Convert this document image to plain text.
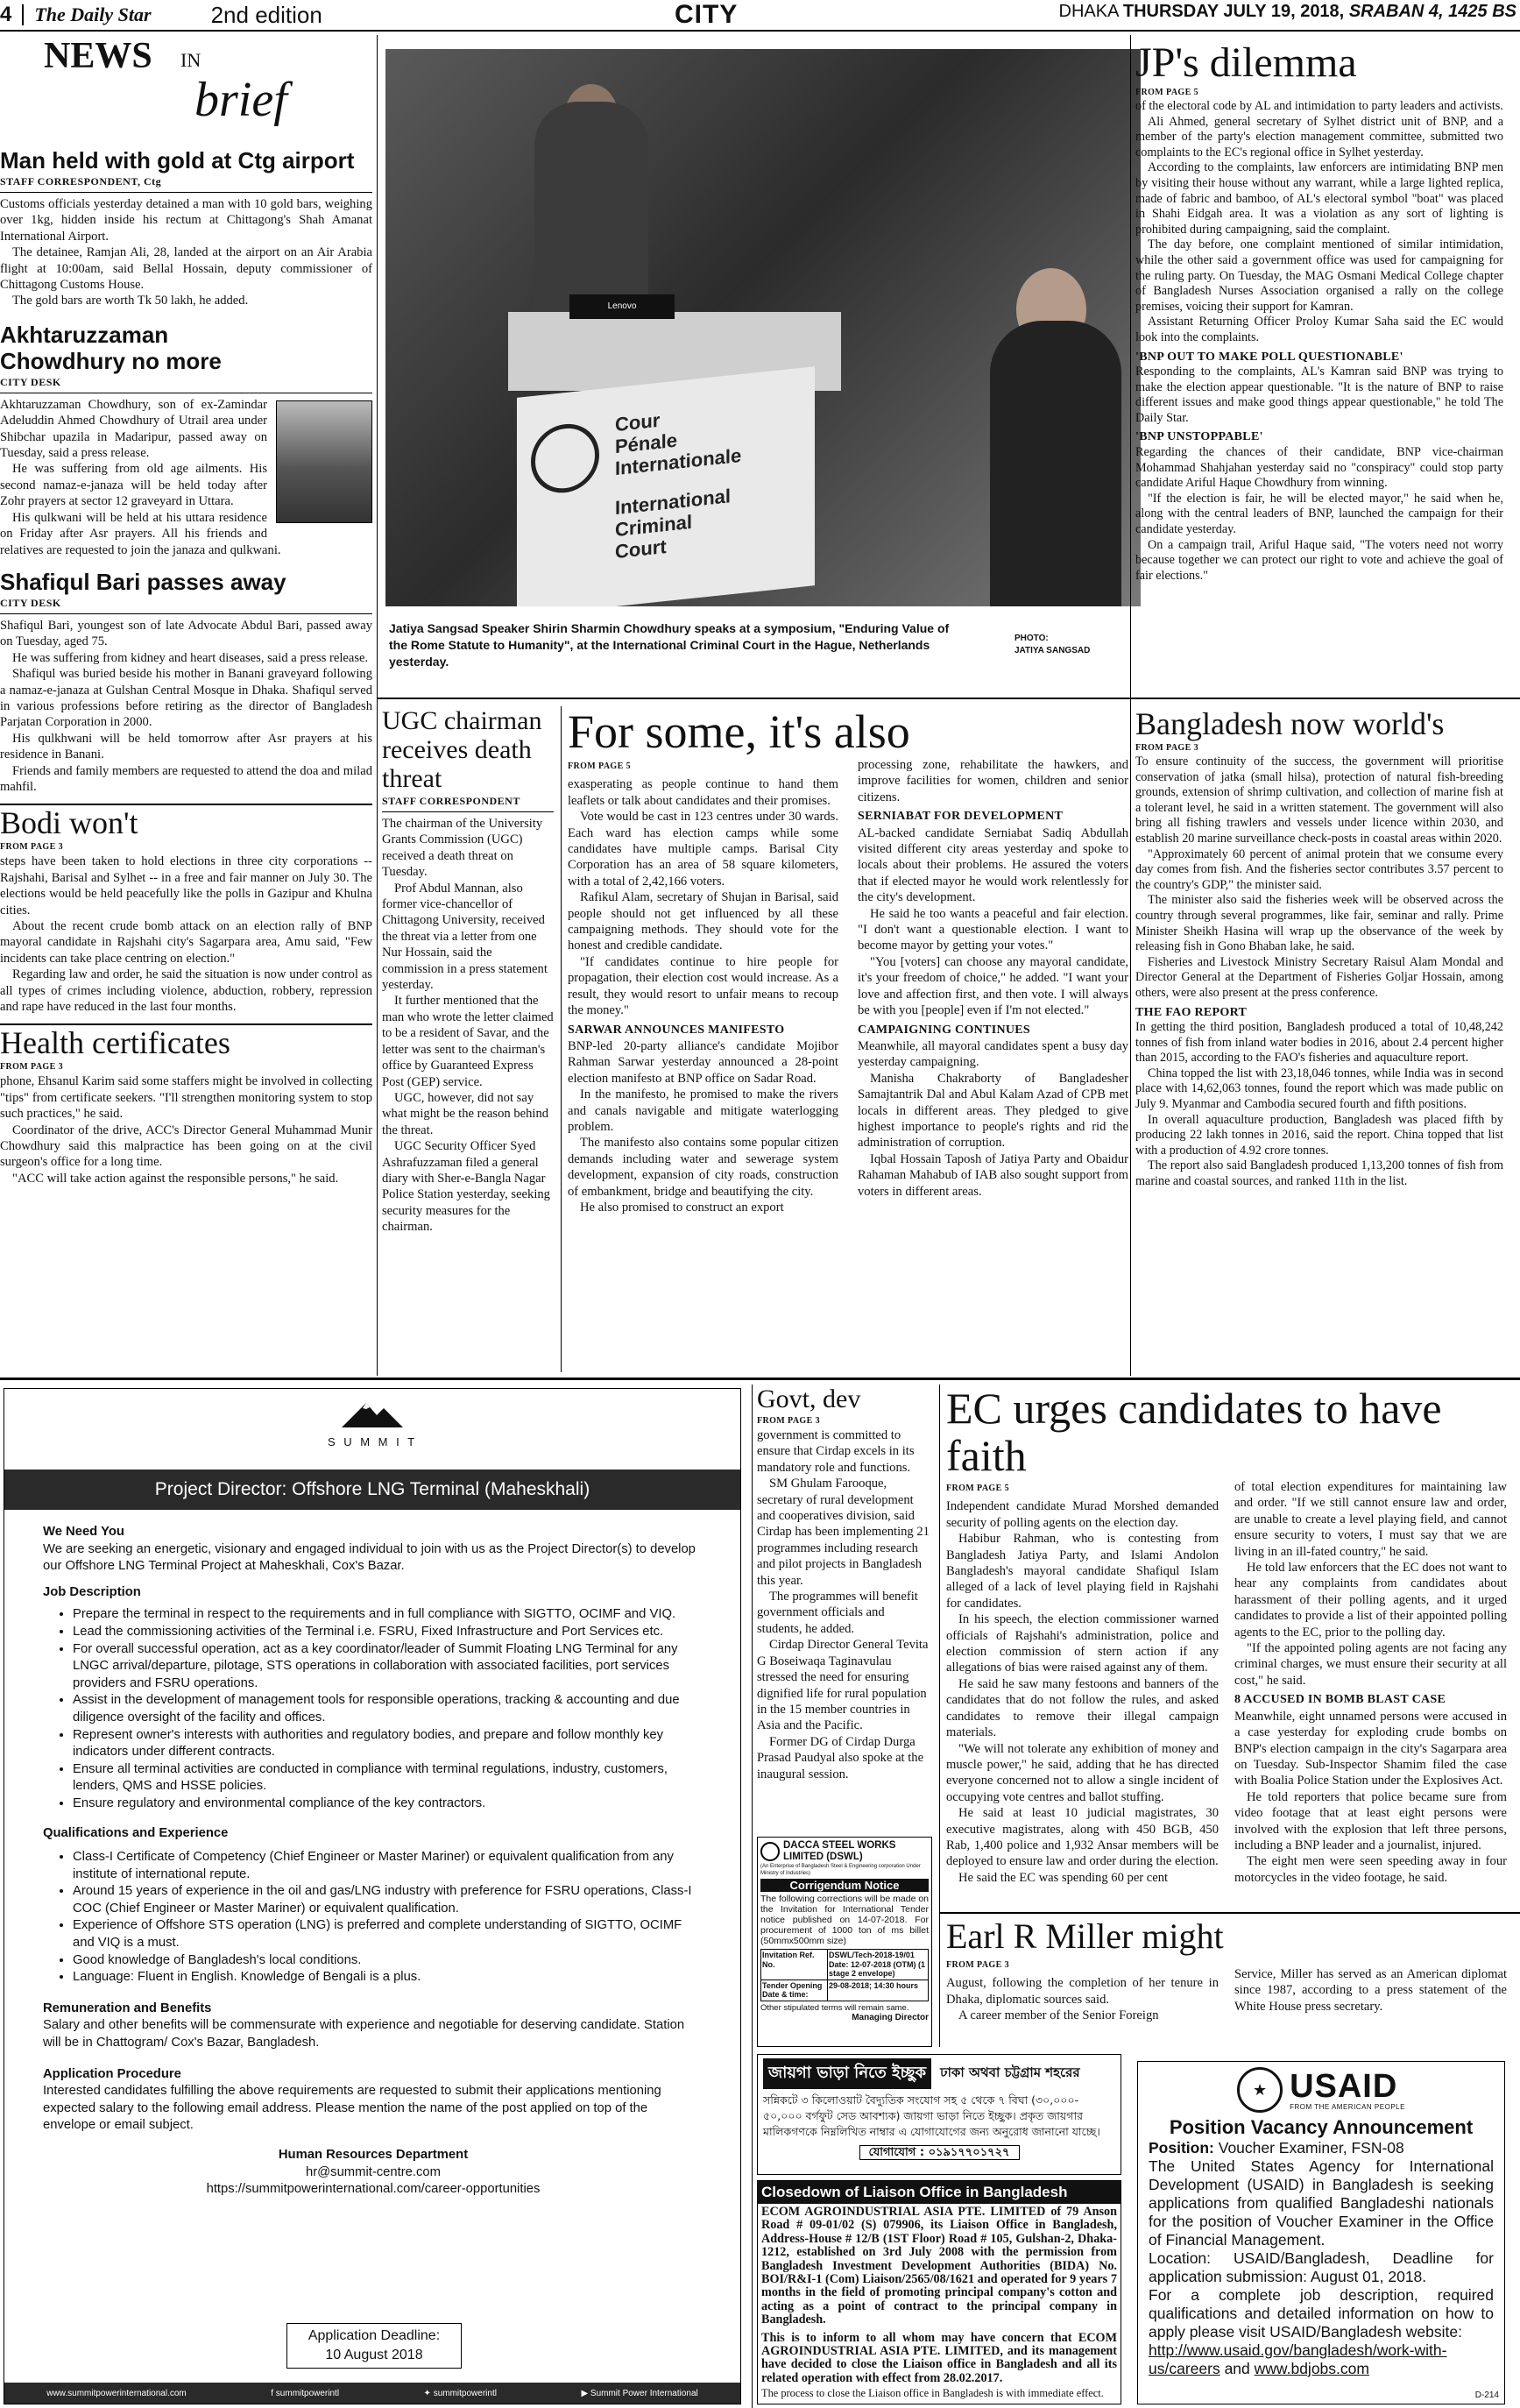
4 The Daily Star	2nd edition	CITY	DHAKA THURSDAY JULY 19, 2018, SRABAN 4, 1425 BS
NEWS IN
brief
Man held with gold at Ctg airport
STAFF CORRESPONDENT, Ctg

Customs officials yesterday detained a man with 10 gold bars, weighing over 1kg, hidden inside his rectum at Chittagong's Shah Amanat International Airport.

The detainee, Ramjan Ali, 28, landed at the airport on an Air Arabia flight at 10:00am, said Bellal Hossain, deputy commissioner of Chittagong Customs House.

The gold bars are worth Tk 50 lakh, he added.

Akhtaruzzaman Chowdhury no more
CITY DESK

Akhtaruzzaman Chowdhury, son of ex-Zamindar Adeluddin Ahmed Chowdhury of Utrail area under Shibchar upazila in Madaripur, passed away on Tuesday, said a press release.

He was suffering from old age ailments. His second namaz-e-janaza will be held today after Zohr prayers at sector 12 graveyard in Uttara.

His qulkwani will be held at his uttara residence on Friday after Asr prayers. All his friends and relatives are requested to join the janaza and qulkwani.

Shafiqul Bari passes away
CITY DESK

Shafiqul Bari, youngest son of late Advocate Abdul Bari, passed away on Tuesday, aged 75.

He was suffering from kidney and heart diseases, said a press release.

Shafiqul was buried beside his mother in Banani graveyard following a namaz-e-janaza at Gulshan Central Mosque in Dhaka. Shafiqul served in various professions before retiring as the director of Bangladesh Parjatan Corporation in 2000.

His qulkhwani will be held tomorrow after Asr prayers at his residence in Banani.

Friends and family members are requested to attend the doa and milad mahfil.

Bodi won't
FROM PAGE 3

steps have been taken to hold elections in three city corporations -- Rajshahi, Barisal and Sylhet -- in a free and fair manner on July 30. The elections would be held peacefully like the polls in Gazipur and Khulna cities.

About the recent crude bomb attack on an election rally of BNP mayoral candidate in Rajshahi city's Sagarpara area, Amu said, "Few incidents can take place centring on election."

Regarding law and order, he said the situation is now under control as all types of crimes including violence, abduction, robbery, repression and rape have reduced in the last four months.

Health certificates
FROM PAGE 3

phone, Ehsanul Karim said some staffers might be involved in collecting "tips" from certificate seekers. "I'll strengthen monitoring system to stop such practices," he said.

Coordinator of the drive, ACC's Director General Muhammad Munir Chowdhury said this malpractice has been going on at the civil surgeon's office for a long time.

"ACC will take action against the responsible persons," he said.

Lenovo
Cour
Pénale
Internationale
International
Criminal
Court
Jatiya Sangsad Speaker Shirin Sharmin Chowdhury speaks at a symposium, "Enduring Value of the Rome Statute to Humanity", at the International Criminal Court in the Hague, Netherlands yesterday.
PHOTO:
JATIYA SANGSAD
JP's dilemma
FROM PAGE 5

of the electoral code by AL and intimidation to party leaders and activists.

Ali Ahmed, general secretary of Sylhet district unit of BNP, and a member of the party's election management committee, submitted two complaints to the EC's regional office in Sylhet yesterday.

According to the complaints, law enforcers are intimidating BNP men by visiting their house without any warrant, while a large lighted replica, made of fabric and bamboo, of AL's electoral symbol "boat" was placed in Shahi Eidgah area. It was a violation as any sort of lighting is prohibited during campaigning, said the complaint.

The day before, one complaint mentioned of similar intimidation, while the other said a government office was used for campaigning for the ruling party. On Tuesday, the MAG Osmani Medical College chapter of Bangladesh Nurses Association organised a rally on the college premises, voicing their support for Kamran.

Assistant Returning Officer Proloy Kumar Saha said the EC would look into the complaints.

'BNP OUT TO MAKE POLL QUESTIONABLE'

Responding to the complaints, AL's Kamran said BNP was trying to make the election appear questionable. "It is the nature of BNP to raise different issues and make good things appear questionable," he told The Daily Star.

'BNP UNSTOPPABLE'

Regarding the chances of their candidate, BNP vice-chairman Mohammad Shahjahan yesterday said no "conspiracy" could stop party candidate Ariful Haque Chowdhury from winning.

"If the election is fair, he will be elected mayor," he said when he, along with the central leaders of BNP, launched the campaign for their candidate yesterday.

On a campaign trail, Ariful Haque said, "The voters need not worry because together we can protect our right to vote and achieve the goal of fair elections."

UGC chairman receives death threat
STAFF CORRESPONDENT

The chairman of the University Grants Commission (UGC) received a death threat on Tuesday.

Prof Abdul Mannan, also former vice-chancellor of Chittagong University, received the threat via a letter from one Nur Hossain, said the commission in a press statement yesterday.

It further mentioned that the man who wrote the letter claimed to be a resident of Savar, and the letter was sent to the chairman's office by Guaranteed Express Post (GEP) service.

UGC, however, did not say what might be the reason behind the threat.

UGC Security Officer Syed Ashrafuzzaman filed a general diary with Sher-e-Bangla Nagar Police Station yesterday, seeking security measures for the chairman.

For some, it's also
FROM PAGE 5

exasperating as people continue to hand them leaflets or talk about candidates and their promises.

Vote would be cast in 123 centres under 30 wards. Each ward has election camps while some candidates have multiple camps. Barisal City Corporation has an area of 58 square kilometers, with a total of 2,42,166 voters.

Rafikul Alam, secretary of Shujan in Barisal, said people should not get influenced by all these campaigning methods. They should vote for the honest and credible candidate.

"If candidates continue to hire people for propagation, their election cost would increase. As a result, they would resort to unfair means to recoup the money."

SARWAR ANNOUNCES MANIFESTO

BNP-led 20-party alliance's candidate Mojibor Rahman Sarwar yesterday announced a 28-point election manifesto at BNP office on Sadar Road.

In the manifesto, he promised to make the rivers and canals navigable and mitigate waterlogging problem.

The manifesto also contains some popular citizen demands including water and sewerage system development, expansion of city roads, construction of embankment, bridge and beautifying the city.

He also promised to construct an export

processing zone, rehabilitate the hawkers, and improve facilities for women, children and senior citizens.

SERNIABAT FOR DEVELOPMENT

AL-backed candidate Serniabat Sadiq Abdullah visited different city areas yesterday and spoke to locals about their problems. He assured the voters that if elected mayor he would work relentlessly for the city's development.

He said he too wants a peaceful and fair election. "I don't want a questionable election. I want to become mayor by getting your votes."

"You [voters] can choose any mayoral candidate, it's your freedom of choice," he added. "I want your love and affection first, and then vote. I will always be with you [people] even if I'm not elected."

CAMPAIGNING CONTINUES

Meanwhile, all mayoral candidates spent a busy day yesterday campaigning.

Manisha Chakraborty of Bangladesher Samajtantrik Dal and Abul Kalam Azad of CPB met locals in different areas. They pledged to give highest importance to people's rights and rid the administration of corruption.

Iqbal Hossain Taposh of Jatiya Party and Obaidur Rahaman Mahabub of IAB also sought support from voters in different areas.

Bangladesh now world's
FROM PAGE 3

To ensure continuity of the success, the government will prioritise conservation of jatka (small hilsa), protection of natural fish-breeding grounds, extension of shrimp cultivation, and collection of marine fish at a tolerant level, he said in a written statement. The government will also bring all fishing trawlers and vessels under licence within 2030, and establish 20 marine surveillance check-posts in coastal areas within 2020.

"Approximately 60 percent of animal protein that we consume every day comes from fish. And the fisheries sector contributes 3.57 percent to the country's GDP," the minister said.

The minister also said the fisheries week will be observed across the country through several programmes, like fair, seminar and rally. Prime Minister Sheikh Hasina will wrap up the observance of the week by releasing fish in Gono Bhaban lake, he said.

Fisheries and Livestock Ministry Secretary Raisul Alam Mondal and Director General at the Department of Fisheries Goljar Hossain, among others, were also present at the press conference.

THE FAO REPORT

In getting the third position, Bangladesh produced a total of 10,48,242 tonnes of fish from inland water bodies in 2016, about 2.4 percent higher than 2015, according to the FAO's fisheries and aquaculture report.

China topped the list with 23,18,046 tonnes, while India was in second place with 14,62,063 tonnes, found the report which was made public on July 9. Myanmar and Cambodia secured fourth and fifth positions.

In overall aquaculture production, Bangladesh was placed fifth by producing 22 lakh tonnes in 2016, said the report. China topped that list with a production of 4.92 crore tonnes.

The report also said Bangladesh produced 1,13,200 tonnes of fish from marine and coastal sources, and ranked 11th in the list.

S U M M I T
Project Director: Offshore LNG Terminal (Maheskhali)
We Need You

We are seeking an energetic, visionary and engaged individual to join with us as the Project Director(s) to develop our Offshore LNG Terminal Project at Maheskhali, Cox's Bazar.

Job Description
• Prepare the terminal in respect to the requirements and in full compliance with SIGTTO, OCIMF and VIQ.
• Lead the commissioning activities of the Terminal i.e. FSRU, Fixed Infrastructure and Port Services etc.
• For overall successful operation, act as a key coordinator/leader of Summit Floating LNG Terminal for any LNGC arrival/departure, pilotage, STS operations in collaboration with associated facilities, port services providers and FSRU operations.
• Assist in the development of management tools for responsible operations, tracking & accounting and due diligence oversight of the facility and offices.
• Represent owner's interests with authorities and regulatory bodies, and prepare and follow monthly key indicators under different contracts.
• Ensure all terminal activities are conducted in compliance with terminal regulations, industry, customers, lenders, QMS and HSSE policies.
• Ensure regulatory and environmental compliance of the key contractors.
Qualifications and Experience
• Class-I Certificate of Competency (Chief Engineer or Master Mariner) or equivalent qualification from any institute of international repute.
• Around 15 years of experience in the oil and gas/LNG industry with preference for FSRU operations, Class-I COC (Chief Engineer or Master Mariner) or equivalent qualification.
• Experience of Offshore STS operation (LNG) is preferred and complete understanding of SIGTTO, OCIMF and VIQ is a must.
• Good knowledge of Bangladesh's local conditions.
• Language: Fluent in English. Knowledge of Bengali is a plus.
Remuneration and Benefits

Salary and other benefits will be commensurate with experience and negotiable for deserving candidate. Station will be in Chattogram/ Cox's Bazar, Bangladesh.

Application Procedure

Interested candidates fulfilling the above requirements are requested to submit their applications mentioning expected salary to the following email address. Please mention the name of the post applied on top of the envelope or email subject.

Human Resources Department
hr@summit-centre.com
https://summitpowerinternational.com/career-opportunities
Application Deadline:
10 August 2018
www.summitpowerinternational.com	f summitpowerintl	✦ summitpowerintl	▶ Summit Power International
Govt, dev
FROM PAGE 3

government is committed to ensure that Cirdap excels in its mandatory role and functions.

SM Ghulam Farooque, secretary of rural development and cooperatives division, said Cirdap has been implementing 21 programmes including research and pilot projects in Bangladesh this year.

The programmes will benefit government officials and students, he added.

Cirdap Director General Tevita G Boseiwaqa Taginavulau stressed the need for ensuring dignified life for rural population in the 15 member countries in Asia and the Pacific.

Former DG of Cirdap Durga Prasad Paudyal also spoke at the inaugural session.

DACCA STEEL WORKS LIMITED (DSWL)
(An Enterprise of Bangladesh Steel & Engineering corporation Under Ministry of Industries)
Corrigendum Notice
The following corrections will be made on the Invitation for International Tender notice published on 14-07-2018. For procurement of 1000 ton of ms billet (50mmx500mm size)
Invitation Ref. No.
DSWL/Tech-2018-19/01 Date: 12-07-2018 (OTM) (1 stage 2 envelope)
Tender Opening Date & time:
29-08-2018; 14:30 hours
Other stipulated terms will remain same.
Managing Director
জায়গা ভাড়া নিতে ইচ্ছুক	ঢাকা অথবা চট্টগ্রাম শহরের
সন্নিকটে ৩ কিলোওয়াট বৈদ্যুতিক সংযোগ সহ ৫ থেকে ৭ বিঘা (৩০,০০০-
৫০,০০০ বর্গফুট সেড আবশ্যক) জায়গা ভাড়া নিতে ইচ্ছুক। প্রকৃত জায়গার
মালিকগণকে নিম্নলিখিত নাম্বার এ যোগাযোগের জন্য অনুরোধ জানানো যাচ্ছে।
যোগাযোগ : ০১৯১৭৭০১৭২৭
Closedown of Liaison Office in Bangladesh

ECOM AGROINDUSTRIAL ASIA PTE. LIMITED of 79 Anson Road # 09-01/02 (S) 079906, its Liaison Office in Bangladesh, Address-House # 12/B (1ST Floor) Road # 105, Gulshan-2, Dhaka-1212, established on 3rd July 2008 with the permission from Bangladesh Investment Development Authorities (BIDA) No. BOI/R&I-1 (Com) Liaison/2565/08/1621 and operated for 9 years 7 months in the field of promoting principal company's cotton and acting as a point of contract to the principal company in Bangladesh.

This is to inform to all whom may have concern that ECOM AGROINDUSTRIAL ASIA PTE. LIMITED, and its management have decided to close the Liaison office in Bangladesh and all its related operation with effect from 28.02.2017.

The process to close the Liaison office in Bangladesh is with immediate effect.

EC urges candidates to have faith
FROM PAGE 5

Independent candidate Murad Morshed demanded security of polling agents on the election day.

Habibur Rahman, who is contesting from Bangladesh Jatiya Party, and Islami Andolon Bangladesh's mayoral candidate Shafiqul Islam alleged of a lack of level playing field in Rajshahi for candidates.

In his speech, the election commissioner warned officials of Rajshahi's administration, police and election commission of stern action if any allegations of bias were raised against any of them.

He said he saw many festoons and banners of the candidates that do not follow the rules, and asked candidates to remove their illegal campaign materials.

"We will not tolerate any exhibition of money and muscle power," he said, adding that he has directed everyone concerned not to allow a single incident of occupying vote centres and ballot stuffing.

He said at least 10 judicial magistrates, 30 executive magistrates, along with 450 BGB, 450 Rab, 1,400 police and 1,932 Ansar members will be deployed to ensure law and order during the election.

He said the EC was spending 60 per cent

of total election expenditures for maintaining law and order. "If we still cannot ensure law and order, are unable to create a level playing field, and cannot ensure security to voters, I must say that we are living in an ill-fated country," he said.

He told law enforcers that the EC does not want to hear any complaints from candidates about harassment of their polling agents, and it urged candidates to provide a list of their appointed polling agents to the EC, prior to the polling day.

"If the appointed poling agents are not facing any criminal charges, we must ensure their security at all cost," he said.

8 ACCUSED IN BOMB BLAST CASE

Meanwhile, eight unnamed persons were accused in a case yesterday for exploding crude bombs on BNP's election campaign in the city's Sagarpara area on Tuesday. Sub-Inspector Shamim filed the case with Boalia Police Station under the Explosives Act.

He told reporters that police became sure from video footage that at least eight persons were involved with the explosion that left three persons, including a BNP leader and a journalist, injured.

The eight men were seen speeding away in four motorcycles in the video footage, he said.

Earl R Miller might
FROM PAGE 3

August, following the completion of her tenure in Dhaka, diplomatic sources said.

A career member of the Senior Foreign

Service, Miller has served as an American diplomat since 1987, according to a press statement of the White House press secretary.

★ USAID
FROM THE AMERICAN PEOPLE
Position Vacancy Announcement
Position: Voucher Examiner, FSN-08

The United States Agency for International Development (USAID) in Bangladesh is seeking applications from qualified Bangladeshi nationals for the position of Voucher Examiner in the Office of Financial Management.

Location: USAID/Bangladesh, Deadline for application submission: August 01, 2018.

For a complete job description, required qualifications and detailed information on how to apply please visit USAID/Bangladesh website:

http://www.usaid.gov/bangladesh/work-with-us/careers and www.bdjobs.com
D-214
